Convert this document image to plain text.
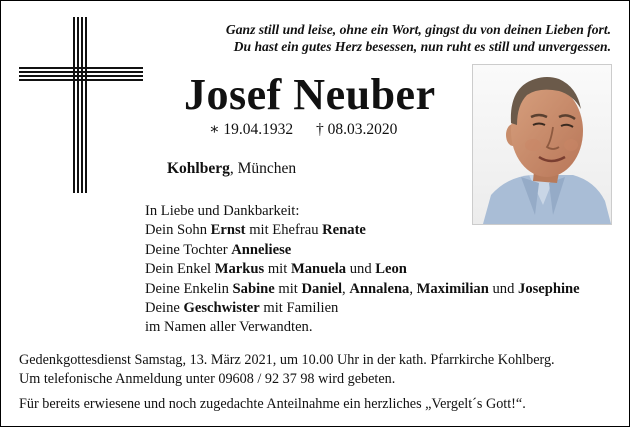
Ganz still und leise, ohne ein Wort, gingst du von deinen Lieben fort.
Du hast ein gutes Herz besessen, nun ruht es still und unvergessen.
Josef Neuber
∗ 19.04.1932 † 08.03.2020
Kohlberg, München
In Liebe und Dankbarkeit:
Dein Sohn Ernst mit Ehefrau Renate
Deine Tochter Anneliese
Dein Enkel Markus mit Manuela und Leon
Deine Enkelin Sabine mit Daniel, Annalena, Maximilian und Josephine
Deine Geschwister mit Familien
im Namen aller Verwandten.
Gedenkgottesdienst Samstag, 13. März 2021, um 10.00 Uhr in der kath. Pfarrkirche Kohlberg.
Um telefonische Anmeldung unter 09608 / 92 37 98 wird gebeten.
Für bereits erwiesene und noch zugedachte Anteilnahme ein herzliches „Vergelt´s Gott!“.
